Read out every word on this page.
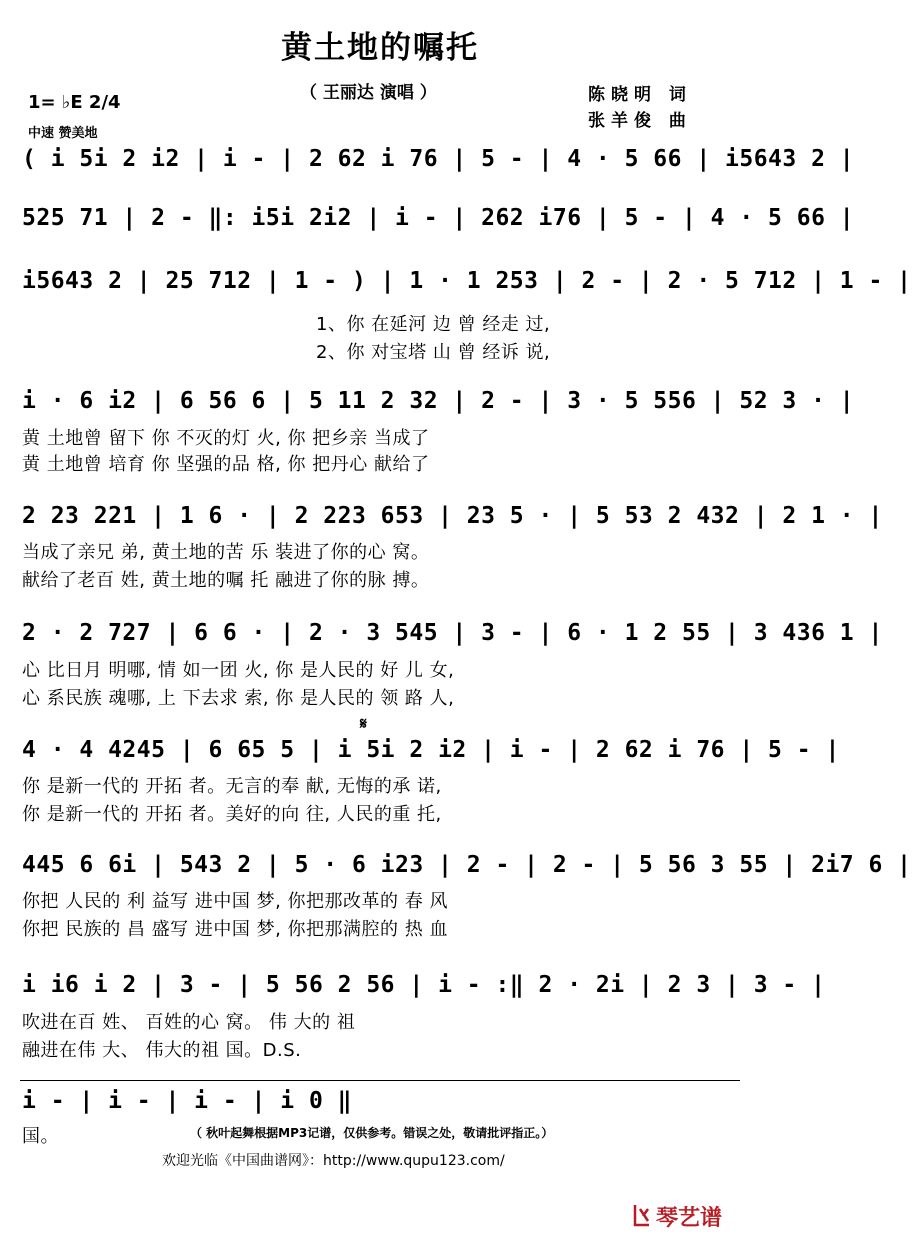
黄土地的嘱托
（ 王丽达 演唱 ）	陈晓明 词
张羊俊 曲
1= ♭E 2/4
中速 赞美地
( i 5i 2 i2 | i - | 2 62 i 76 | 5 - | 4 · 5 66 | i5643 2 |
525 71 | 2 - ‖: i5i 2i2 | i - | 262 i76 | 5 - | 4 · 5 66 |
i5643 2 | 25 712 | 1 - ) | 1 · 1 253 | 2 - | 2 · 5 712 | 1 - |
1、你 在延河 边 曾 经走 过,
2、你 对宝塔 山 曾 经诉 说,
i · 6 i2 | 6 56 6 | 5 11 2 32 | 2 - | 3 · 5 556 | 52 3 · |
黄 土地曾 留下 你 不灭的灯 火, 你 把乡亲 当成了
黄 土地曾 培育 你 坚强的品 格, 你 把丹心 献给了
2 23 221 | 1 6 · | 2 223 653 | 23 5 · | 5 53 2 432 | 2 1 · |
当成了亲兄 弟, 黄土地的苦 乐 装进了你的心 窝。
献给了老百 姓, 黄土地的嘱 托 融进了你的脉 搏。
2 · 2 727 | 6 6 · | 2 · 3 545 | 3 - | 6 · 1 2 55 | 3 436 1 |
心 比日月 明哪, 情 如一团 火, 你 是人民的 好 儿 女,
心 系民族 魂哪, 上 下去求 索, 你 是人民的 领 路 人,
𝄋
4 · 4 4245 | 6 65 5 | i 5i 2 i2 | i - | 2 62 i 76 | 5 - |
你 是新一代的 开拓 者。无言的奉 献, 无悔的承 诺,
你 是新一代的 开拓 者。美好的向 往, 人民的重 托,
445 6 6i | 543 2 | 5 · 6 i23 | 2 - | 2 - | 5 56 3 55 | 2i7 6 |
你把 人民的 利 益写 进中国 梦, 你把那改革的 春 风
你把 民族的 昌 盛写 进中国 梦, 你把那满腔的 热 血
i i6 i 2 | 3 - | 5 56 2 56 | i - :‖ 2 · 2i | 2 3 | 3 - |
吹进在百 姓、 百姓的心 窝。 伟 大的 祖
融进在伟 大、 伟大的祖 国。D.S.
i - | i - | i - | i 0 ‖
国。	（ 秋叶起舞根据MP3记谱，仅供参考。错误之处，敬请批评指正。）
欢迎光临《中国曲谱网》：http://www.qupu123.com/
琴艺谱
